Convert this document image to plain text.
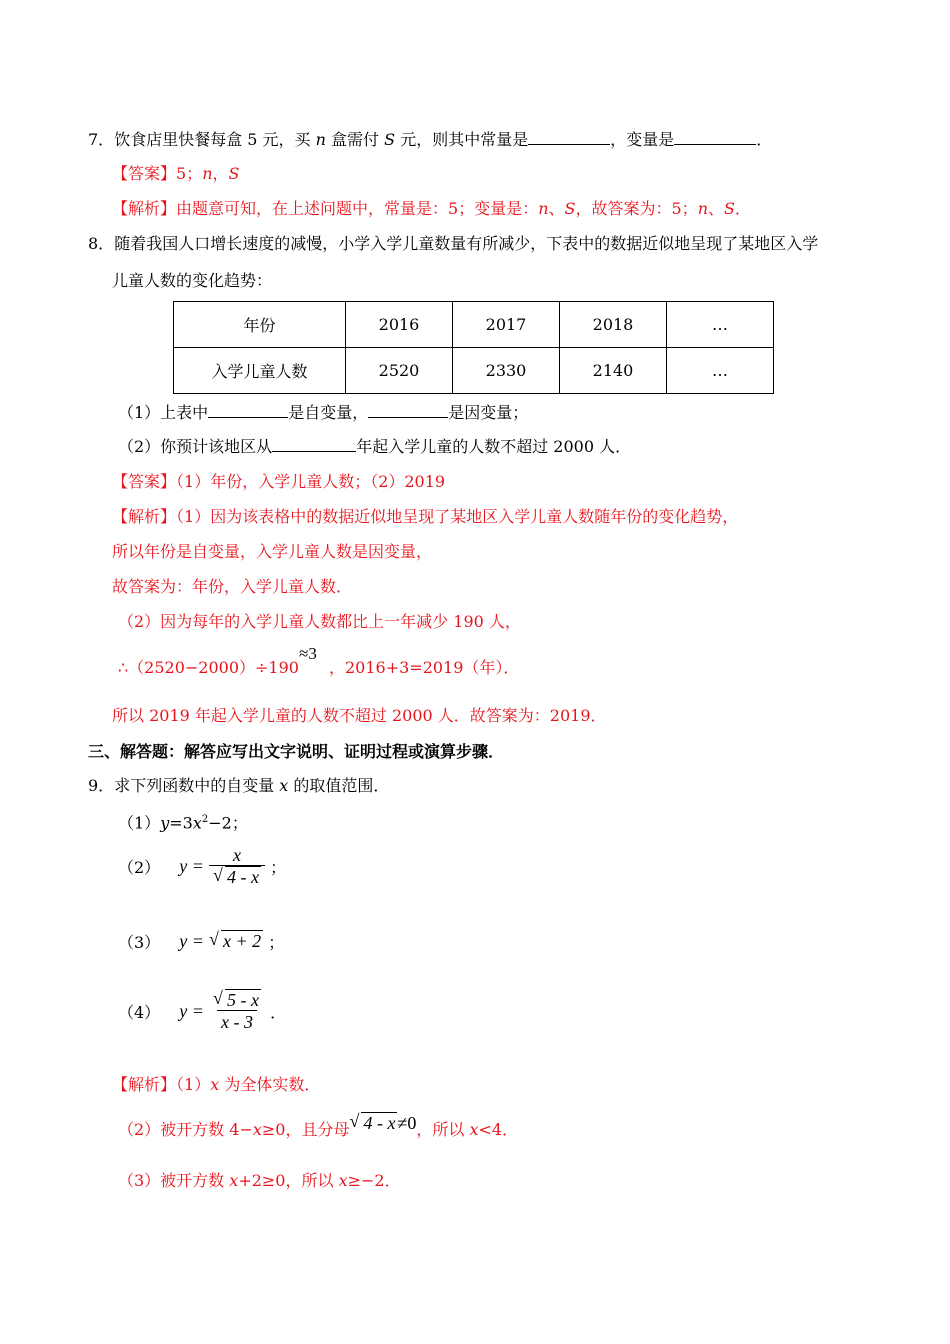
7．饮食店里快餐每盒 5 元，买 n 盒需付 S 元，则其中常量是	，变量是	．
【答案】5；n，S
【解析】由题意可知，在上述问题中，常量是：5；变量是：n、S，故答案为：5；n、S．
8．随着我国人口增长速度的减慢，小学入学儿童数量有所减少，下表中的数据近似地呈现了某地区入学
儿童人数的变化趋势：
年份	2016	2017	2018	…
入学儿童人数	2520	2330	2140	…
（1）上表中	是自变量，	是因变量；
（2）你预计该地区从	年起入学儿童的人数不超过 2000 人．
【答案】（1）年份，入学儿童人数；（2）2019
【解析】（1）因为该表格中的数据近似地呈现了某地区入学儿童人数随年份的变化趋势，
所以年份是自变量，入学儿童人数是因变量，
故答案为：年份，入学儿童人数．
（2）因为每年的入学儿童人数都比上一年减少 190 人，
∴（2520−2000）÷190≈3，2016+3=2019（年）．
所以 2019 年起入学儿童的人数不超过 2000 人．故答案为：2019．
三、解答题：解答应写出文字说明、证明过程或演算步骤．
9．求下列函数中的自变量 x 的取值范围．
$(1)y=3x^2-2$；
（2） y = x
√ 4 - x ；
（3） y = √ x + 2 ；
（4） y = √ $\frac{5 - x}{x - 3}$ ．
【解析】（1）x 为全体实数．
（2）被开方数 4−x≥0，且分母 √ 4 - x ≠0，所以 x<4．
（3）被开方数 x+2≥0，所以 x≥−2．
